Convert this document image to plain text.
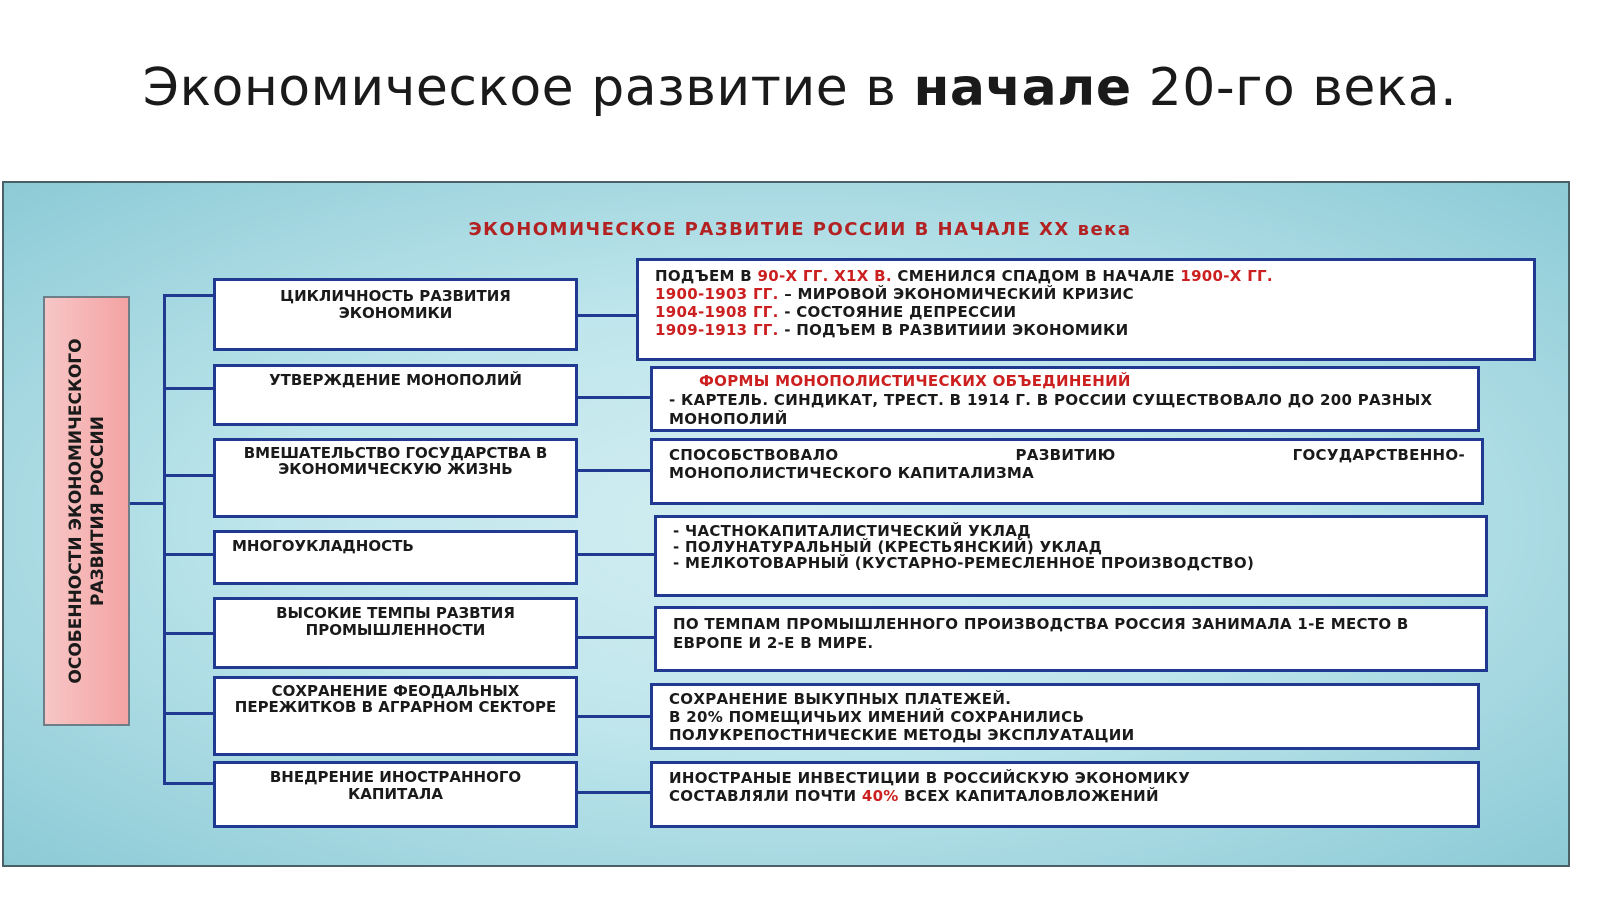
Экономическое развитие в начале 20-го века.
ЭКОНОМИЧЕСКОЕ РАЗВИТИЕ РОССИИ В НАЧАЛЕ XX века
ОСОБЕННОСТИ ЭКОНОМИЧЕСКОГО РАЗВИТИЯ РОССИИ
ЦИКЛИЧНОСТЬ РАЗВИТИЯ ЭКОНОМИКИ
УТВЕРЖДЕНИЕ МОНОПОЛИЙ
ВМЕШАТЕЛЬСТВО ГОСУДАРСТВА В ЭКОНОМИЧЕСКУЮ ЖИЗНЬ
МНОГОУКЛАДНОСТЬ
ВЫСОКИЕ ТЕМПЫ РАЗВТИЯ ПРОМЫШЛЕННОСТИ
СОХРАНЕНИЕ ФЕОДАЛЬНЫХ ПЕРЕЖИТКОВ В АГРАРНОМ СЕКТОРЕ
ВНЕДРЕНИЕ ИНОСТРАННОГО КАПИТАЛА
ПОДЪЕМ В 90-Х ГГ. Х1Х В. СМЕНИЛСЯ СПАДОМ В НАЧАЛЕ 1900-Х ГГ.
1900-1903 ГГ. – МИРОВОЙ ЭКОНОМИЧЕСКИЙ КРИЗИС
1904-1908 ГГ. - СОСТОЯНИЕ ДЕПРЕССИИ
1909-1913 ГГ. - ПОДЪЕМ В РАЗВИТИИИ ЭКОНОМИКИ
ФОРМЫ МОНОПОЛИСТИЧЕСКИХ ОБЪЕДИНЕНИЙ
- КАРТЕЛЬ. СИНДИКАТ, ТРЕСТ. В 1914 Г. В РОССИИ СУЩЕСТВОВАЛО ДО 200 РАЗНЫХ МОНОПОЛИЙ
СПОСОБСТВОВАЛО РАЗВИТИЮ ГОСУДАРСТВЕННО-
МОНОПОЛИСТИЧЕСКОГО КАПИТАЛИЗМА
- ЧАСТНОКАПИТАЛИСТИЧЕСКИЙ УКЛАД
- ПОЛУНАТУРАЛЬНЫЙ (КРЕСТЬЯНСКИЙ) УКЛАД
- МЕЛКОТОВАРНЫЙ (КУСТАРНО-РЕМЕСЛЕННОЕ ПРОИЗВОДСТВО)
ПО ТЕМПАМ ПРОМЫШЛЕННОГО ПРОИЗВОДСТВА РОССИЯ ЗАНИМАЛА 1-Е МЕСТО В ЕВРОПЕ И 2-Е В МИРЕ.
СОХРАНЕНИЕ ВЫКУПНЫХ ПЛАТЕЖЕЙ.
В 20% ПОМЕЩИЧЬИХ ИМЕНИЙ СОХРАНИЛИСЬ
ПОЛУКРЕПОСТНИЧЕСКИЕ МЕТОДЫ ЭКСПЛУАТАЦИИ
ИНОСТРАНЫЕ ИНВЕСТИЦИИ В РОССИЙСКУЮ ЭКОНОМИКУ
СОСТАВЛЯЛИ ПОЧТИ 40% ВСЕХ КАПИТАЛОВЛОЖЕНИЙ
